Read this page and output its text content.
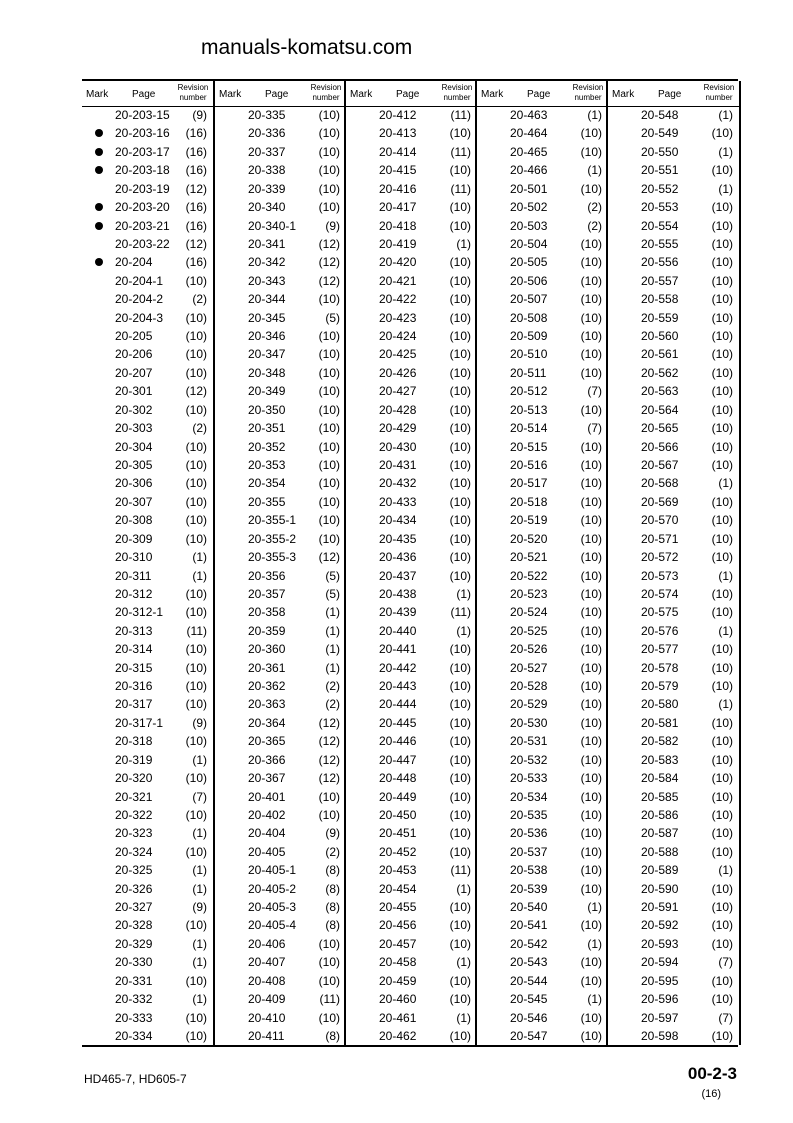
manuals-komatsu.com
Mark Page
Revision number
20-203-15 (9)
20-203-16 (16)
20-203-17 (16)
20-203-18 (16)
20-203-19 (12)
20-203-20 (16)
20-203-21 (16)
20-203-22 (12)
20-204	(16)
20-204-1 (10)
20-204-2 (2)
20-204-3 (10)
20-205	(10)
20-206	(10)
20-207	(10)
20-301	(12)
20-302	(10)
20-303	(2)
20-304	(10)
20-305	(10)
20-306	(10)
20-307	(10)
20-308	(10)
20-309	(10)
20-310	(1)
20-311	(1)
20-312	(10)
20-312-1 (10)
20-313	(11)
20-314	(10)
20-315	(10)
20-316	(10)
20-317	(10)
20-317-1 (9)
20-318	(10)
20-319	(1)
20-320	(10)
20-321	(7)
20-322	(10)
20-323	(1)
20-324	(10)
20-325	(1)
20-326	(1)
20-327	(9)
20-328	(10)
20-329	(1)
20-330	(1)
20-331	(10)
20-332	(1)
20-333	(10)
20-334	(10)
Mark Page
Revision number
20-335	(10)
20-336	(10)
20-337	(10)
20-338	(10)
20-339	(10)
20-340	(10)
20-340-1 (9)
20-341	(12)
20-342	(12)
20-343	(12)
20-344	(10)
20-345	(5)
20-346	(10)
20-347	(10)
20-348	(10)
20-349	(10)
20-350	(10)
20-351	(10)
20-352	(10)
20-353	(10)
20-354	(10)
20-355	(10)
20-355-1 (10)
20-355-2 (10)
20-355-3 (12)
20-356	(5)
20-357	(5)
20-358	(1)
20-359	(1)
20-360	(1)
20-361	(1)
20-362	(2)
20-363	(2)
20-364	(12)
20-365	(12)
20-366	(12)
20-367	(12)
20-401	(10)
20-402	(10)
20-404	(9)
20-405	(2)
20-405-1 (8)
20-405-2 (8)
20-405-3 (8)
20-405-4 (8)
20-406	(10)
20-407	(10)
20-408	(10)
20-409	(11)
20-410	(10)
20-411	(8)
Mark Page
Revision number
20-412	(11)
20-413	(10)
20-414	(11)
20-415	(10)
20-416	(11)
20-417	(10)
20-418	(10)
20-419	(1)
20-420	(10)
20-421	(10)
20-422	(10)
20-423	(10)
20-424	(10)
20-425	(10)
20-426	(10)
20-427	(10)
20-428	(10)
20-429	(10)
20-430	(10)
20-431	(10)
20-432	(10)
20-433	(10)
20-434	(10)
20-435	(10)
20-436	(10)
20-437	(10)
20-438	(1)
20-439	(11)
20-440	(1)
20-441	(10)
20-442	(10)
20-443	(10)
20-444	(10)
20-445	(10)
20-446	(10)
20-447	(10)
20-448	(10)
20-449	(10)
20-450	(10)
20-451	(10)
20-452	(10)
20-453	(11)
20-454	(1)
20-455	(10)
20-456	(10)
20-457	(10)
20-458	(1)
20-459	(10)
20-460	(10)
20-461	(1)
20-462	(10)
Mark Page
Revision number
20-463	(1)
20-464	(10)
20-465	(10)
20-466	(1)
20-501	(10)
20-502	(2)
20-503	(2)
20-504	(10)
20-505	(10)
20-506	(10)
20-507	(10)
20-508	(10)
20-509	(10)
20-510	(10)
20-511	(10)
20-512	(7)
20-513	(10)
20-514	(7)
20-515	(10)
20-516	(10)
20-517	(10)
20-518	(10)
20-519	(10)
20-520	(10)
20-521	(10)
20-522	(10)
20-523	(10)
20-524	(10)
20-525	(10)
20-526	(10)
20-527	(10)
20-528	(10)
20-529	(10)
20-530	(10)
20-531	(10)
20-532	(10)
20-533	(10)
20-534	(10)
20-535	(10)
20-536	(10)
20-537	(10)
20-538	(10)
20-539	(10)
20-540	(1)
20-541	(10)
20-542	(1)
20-543	(10)
20-544	(10)
20-545	(1)
20-546	(10)
20-547	(10)
Mark Page
Revision number
20-548	(1)
20-549	(10)
20-550	(1)
20-551	(10)
20-552	(1)
20-553	(10)
20-554	(10)
20-555	(10)
20-556	(10)
20-557	(10)
20-558	(10)
20-559	(10)
20-560	(10)
20-561	(10)
20-562	(10)
20-563	(10)
20-564	(10)
20-565	(10)
20-566	(10)
20-567	(10)
20-568	(1)
20-569	(10)
20-570	(10)
20-571	(10)
20-572	(10)
20-573	(1)
20-574	(10)
20-575	(10)
20-576	(1)
20-577	(10)
20-578	(10)
20-579	(10)
20-580	(1)
20-581	(10)
20-582	(10)
20-583	(10)
20-584	(10)
20-585	(10)
20-586	(10)
20-587	(10)
20-588	(10)
20-589	(1)
20-590	(10)
20-591	(10)
20-592	(10)
20-593	(10)
20-594	(7)
20-595	(10)
20-596	(10)
20-597	(7)
20-598	(10)
HD465-7, HD605-7	00-2-3
(16)
